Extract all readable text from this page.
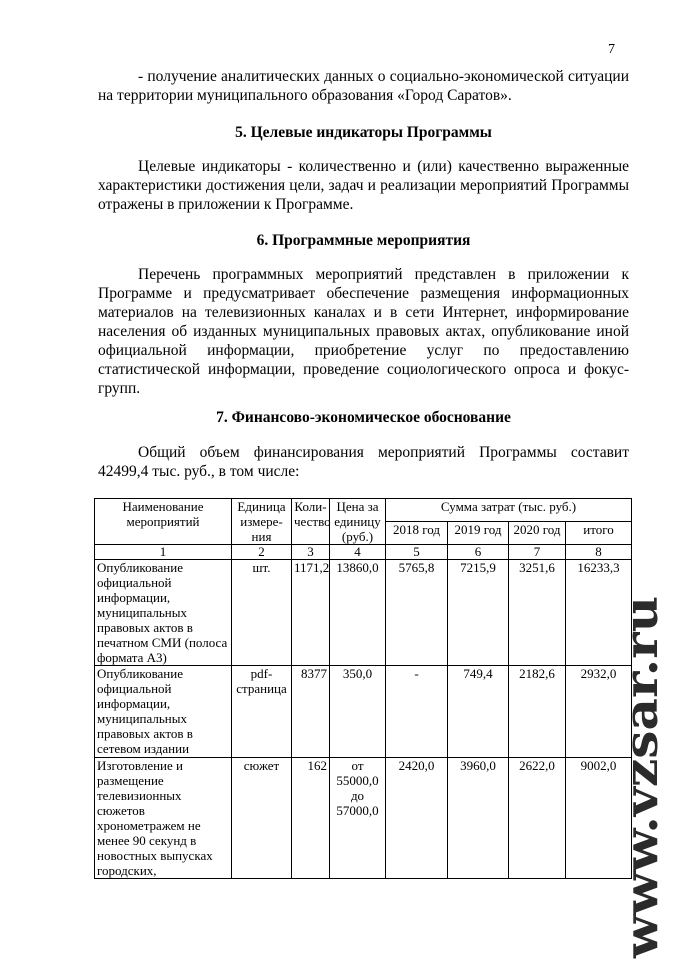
7
- получение аналитических данных о социально-экономической ситуации на территории муниципального образования «Город Саратов».
5. Целевые индикаторы Программы
Целевые индикаторы - количественно и (или) качественно выраженные характеристики достижения цели, задач и реализации мероприятий Программы отражены в приложении к Программе.
6. Программные мероприятия
Перечень программных мероприятий представлен в приложении к Программе и предусматривает обеспечение размещения информационных материалов на телевизионных каналах и в сети Интернет, информирование населения об изданных муниципальных правовых актах, опубликование иной официальной информации, приобретение услуг по предоставлению статистической информации, проведение социологического опроса и фокус-групп.
7. Финансово-экономическое обоснование
Общий объем финансирования мероприятий Программы составит 42499,4 тыс. руб., в том числе:
Наименование мероприятий	Единица измере-ния	Коли-чество	Цена за единицу (руб.)	Сумма затрат (тыс. руб.)			
				2018 год	2019 год	2020 год	итого
1	2	3	4	5	6	7	8
Опубликование официальной информации, муниципальных правовых актов в печатном СМИ (полоса формата А3)	шт.	1171,2	13860,0	5765,8	7215,9	3251,6	16233,3
Опубликование официальной информации, муниципальных правовых актов в сетевом издании	pdf-страница	8377	350,0	-	749,4	2182,6	2932,0
Изготовление и размещение телевизионных сюжетов хронометражем не менее 90 секунд в новостных выпусках городских,	сюжет	162	от 55000,0 до 57000,0	2420,0	3960,0	2622,0	9002,0
www.vzsar.ru
